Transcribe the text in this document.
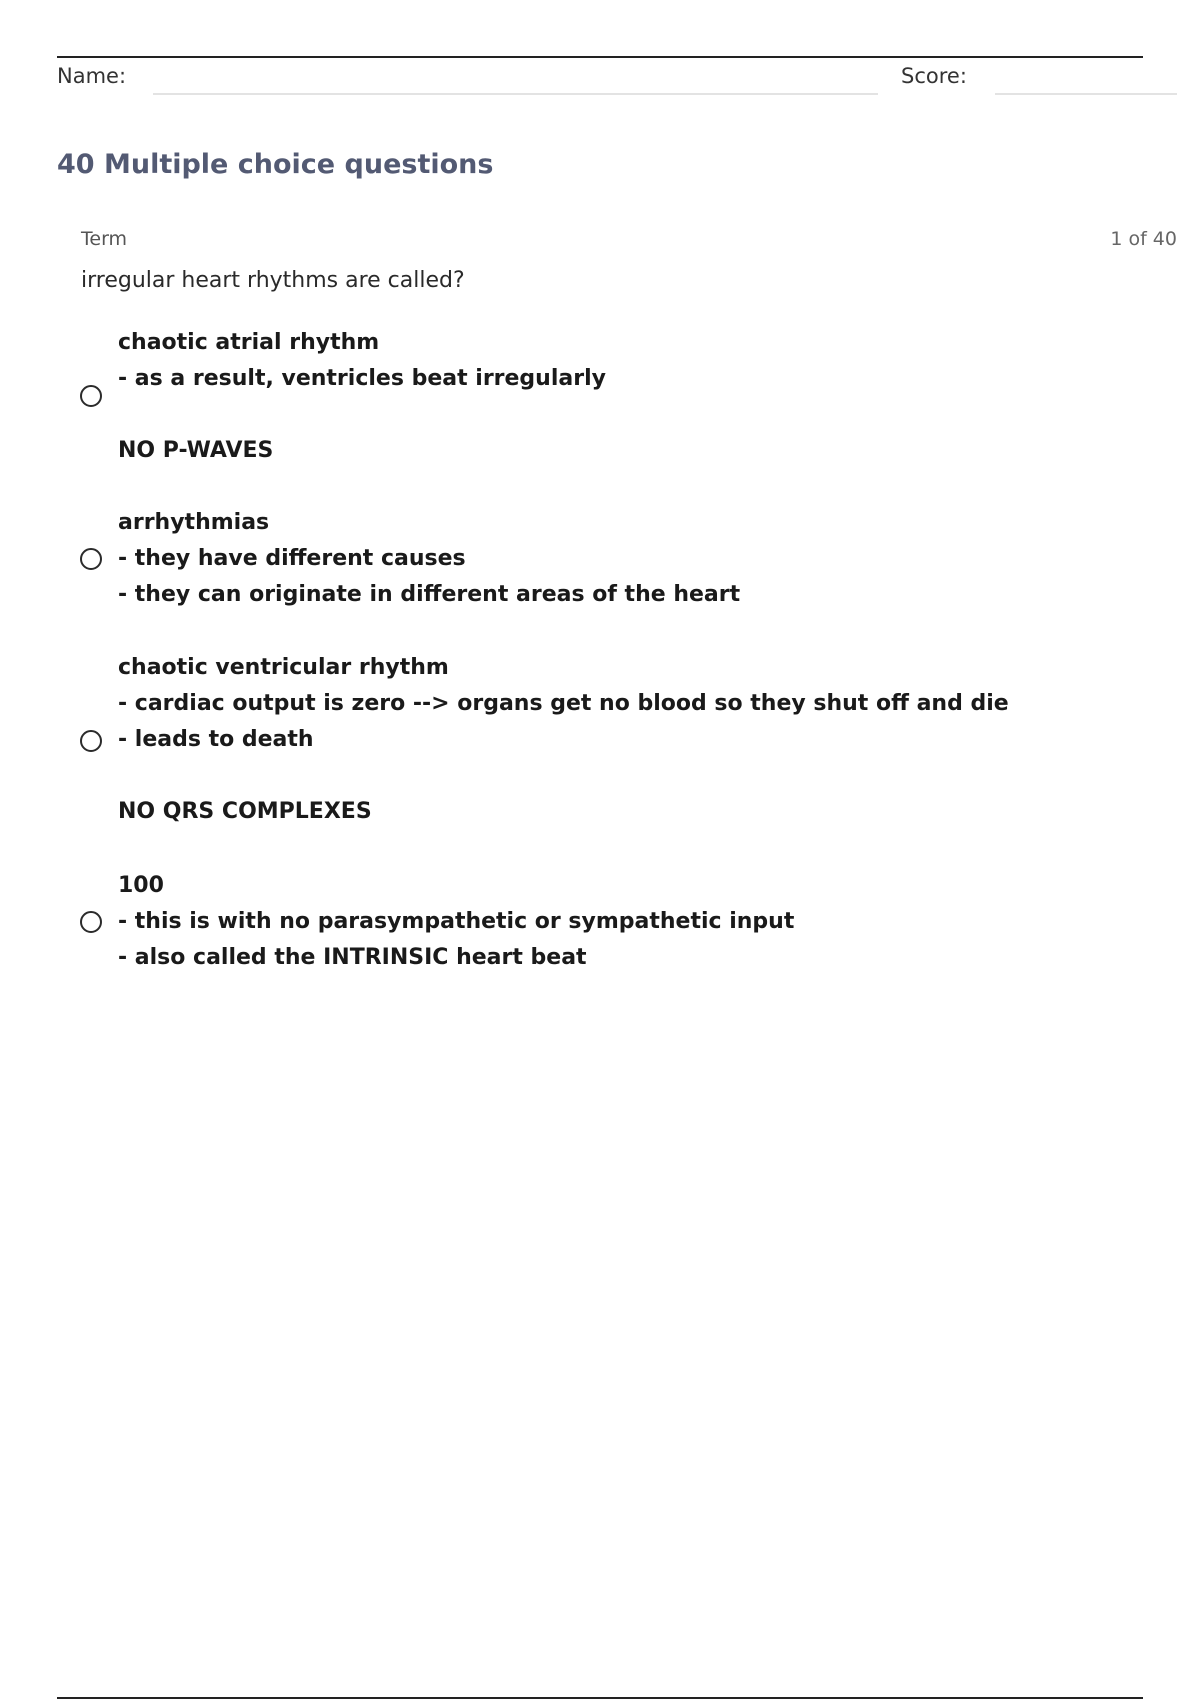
Name:	Score:
40 Multiple choice questions
Term	1 of 40
irregular heart rhythms are called?
chaotic atrial rhythm
- as a result, ventricles beat irregularly
NO P-WAVES
arrhythmias
- they have different causes
- they can originate in different areas of the heart
chaotic ventricular rhythm
- cardiac output is zero --> organs get no blood so they shut off and die
- leads to death
NO QRS COMPLEXES
100
- this is with no parasympathetic or sympathetic input
- also called the INTRINSIC heart beat
